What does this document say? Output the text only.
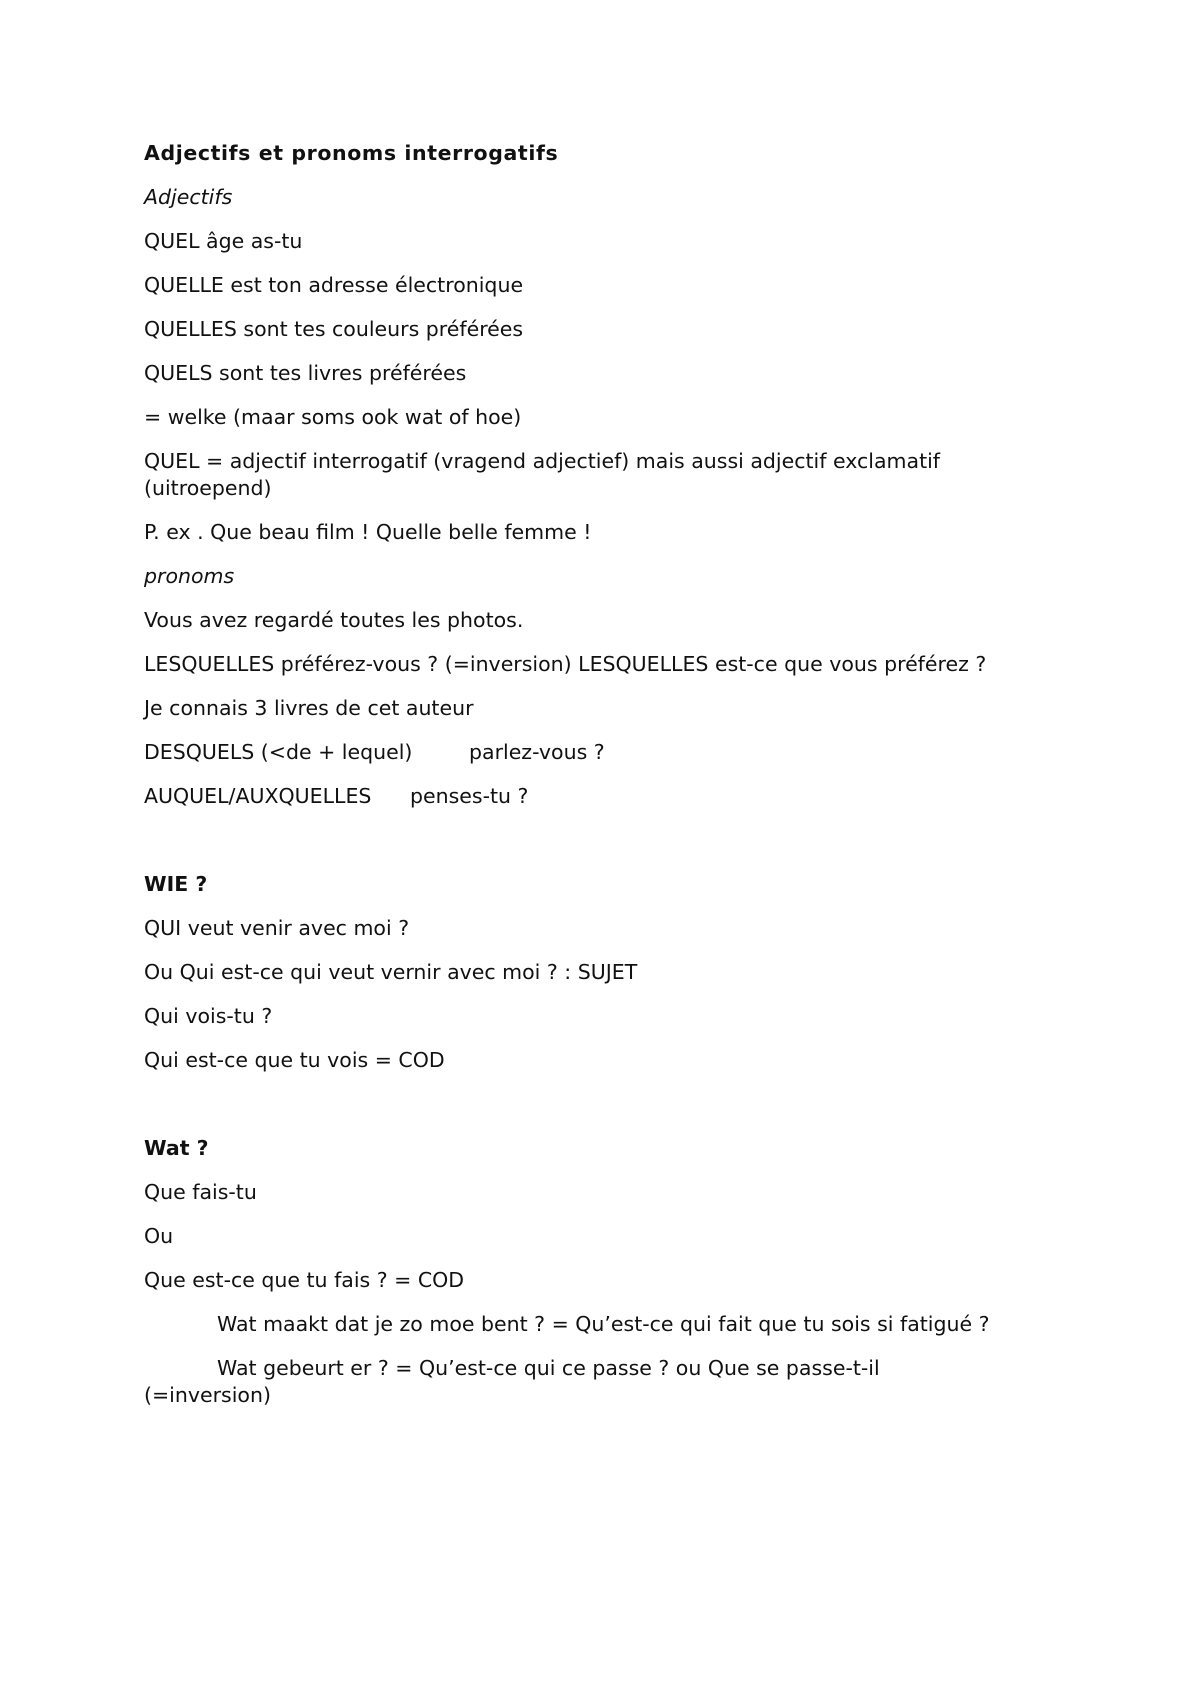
Adjectifs et pronoms interrogatifs
Adjectifs
QUEL âge as-tu
QUELLE est ton adresse électronique
QUELLES sont tes couleurs préférées
QUELS sont tes livres préférées
= welke (maar soms ook wat of hoe)
QUEL = adjectif interrogatif (vragend adjectief) mais aussi adjectif exclamatif (uitroepend)
P. ex . Que beau film ! Quelle belle femme !
pronoms
Vous avez regardé toutes les photos.
LESQUELLES préférez-vous ? (=inversion) LESQUELLES est-ce que vous préférez ?
Je connais 3 livres de cet auteur
DESQUELS (<de + lequel)	parlez-vous ?
AUQUEL/AUXQUELLES penses-tu ?
WIE ?
QUI veut venir avec moi ?
Ou Qui est-ce qui veut vernir avec moi ? : SUJET
Qui vois-tu ?
Qui est-ce que tu vois = COD
Wat ?
Que fais-tu
Ou
Que est-ce que tu fais ? = COD
Wat maakt dat je zo moe bent ? = Qu’est-ce qui fait que tu sois si fatigué ?
Wat gebeurt er ? = Qu’est-ce qui ce passe ? ou Que se passe-t-il
(=inversion)
